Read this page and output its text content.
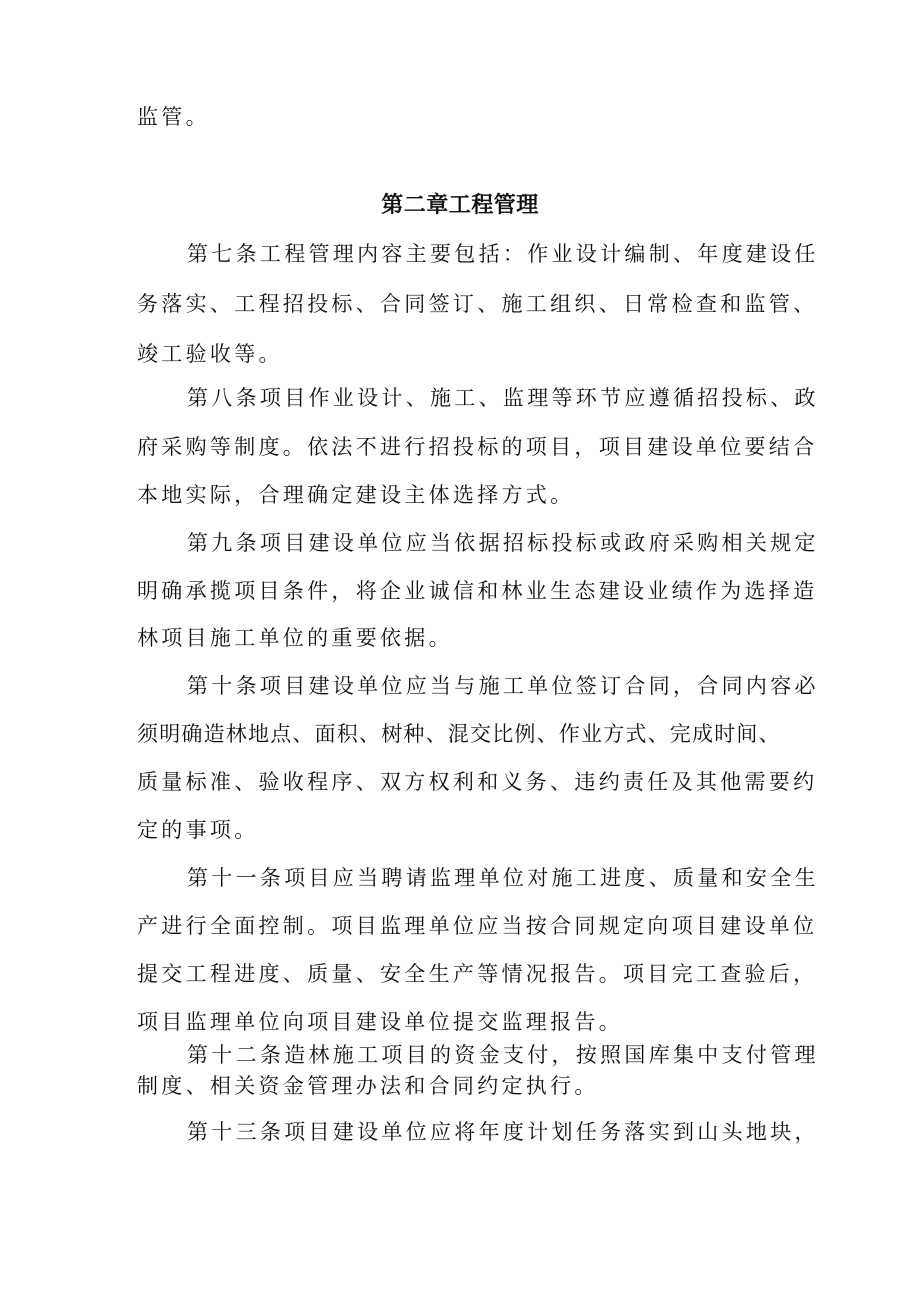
监管。
第二章工程管理
第七条工程管理内容主要包括：作业设计编制、年度建设任
务落实、工程招投标、合同签订、施工组织、日常检查和监管、
竣工验收等。
第八条项目作业设计、施工、监理等环节应遵循招投标、政
府采购等制度。依法不进行招投标的项目，项目建设单位要结合
本地实际，合理确定建设主体选择方式。
第九条项目建设单位应当依据招标投标或政府采购相关规定
明确承揽项目条件，将企业诚信和林业生态建设业绩作为选择造
林项目施工单位的重要依据。
第十条项目建设单位应当与施工单位签订合同，合同内容必
须明确造林地点、面积、树种、混交比例、作业方式、完成时间、
质量标准、验收程序、双方权利和义务、违约责任及其他需要约
定的事项。
第十一条项目应当聘请监理单位对施工进度、质量和安全生
产进行全面控制。项目监理单位应当按合同规定向项目建设单位
提交工程进度、质量、安全生产等情况报告。项目完工查验后，
项目监理单位向项目建设单位提交监理报告。
第十二条造林施工项目的资金支付，按照国库集中支付管理
制度、相关资金管理办法和合同约定执行。
第十三条项目建设单位应将年度计划任务落实到山头地块，
